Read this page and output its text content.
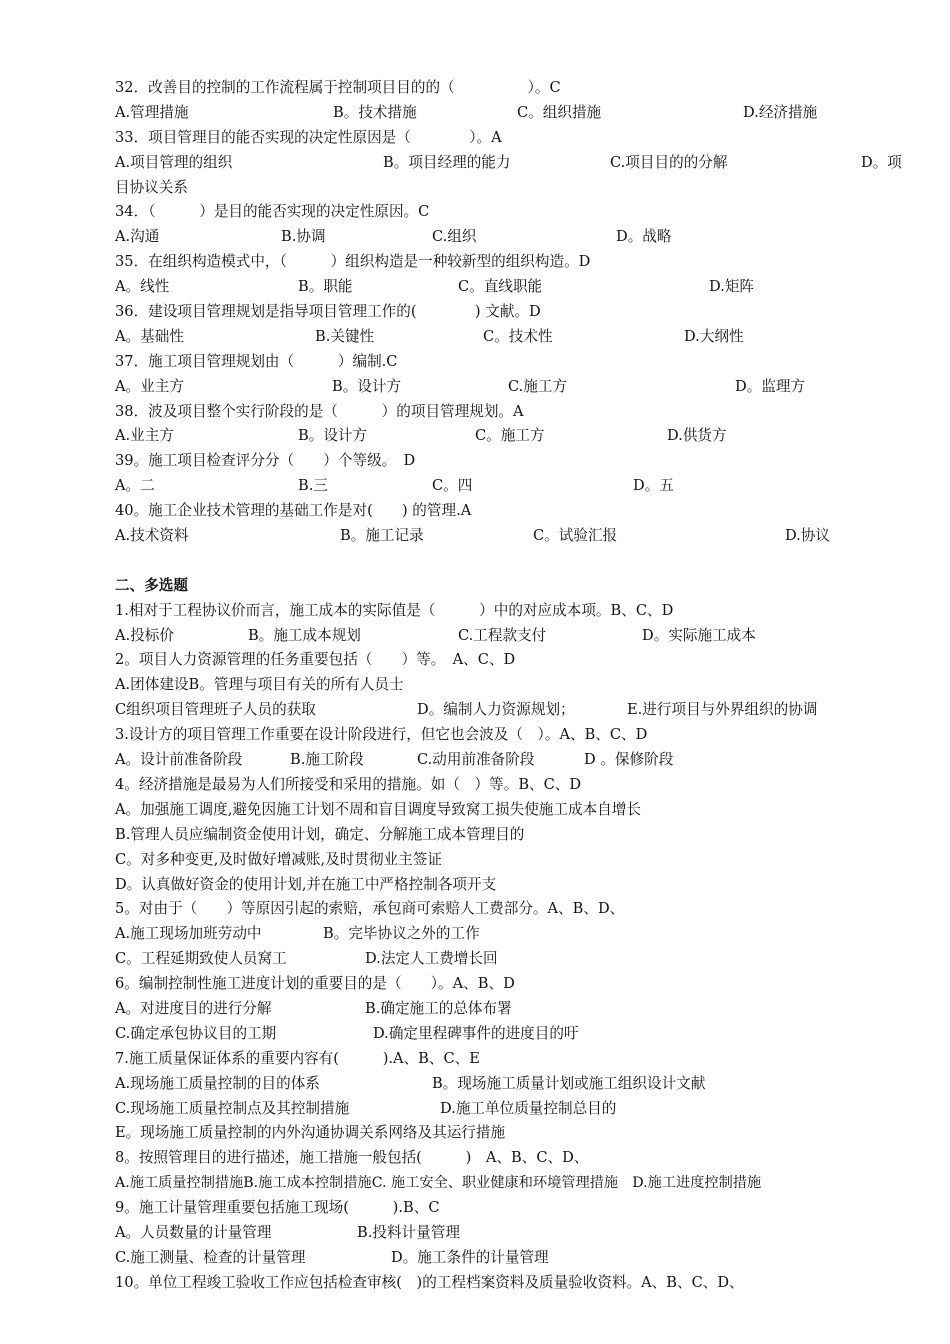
32．改善目的控制的工作流程属于控制项目目的的（　　　　　）。C
A.管理措施	B。技术措施	C。组织措施	D.经济措施
33．项目管理目的能否实现的决定性原因是（　　　　）。A
A.项目管理的组织	B。项目经理的能力	C.项目目的的分解	D。项
目协议关系
34．（　　　）是目的能否实现的决定性原因。C
A.沟通	B.协调	C.组织	D。战略
35．在组织构造模式中，（　　　）组织构造是一种较新型的组织构造。D
A。线性	B。职能	C。直线职能	D.矩阵
36．建设项目管理规划是指导项目管理工作的(　　　　) 文献。D
A。基础性	B.关键性	C。技术性	D.大纲性
37．施工项目管理规划由（　　　）编制.C
A。业主方	B。设计方	C.施工方	D。监理方
38．波及项目整个实行阶段的是（　　　）的项目管理规划。A
A.业主方	B。设计方	C。施工方	D.供货方
39。施工项目检查评分分（　　）个等级。　D
A。二	B.三	C。四	D。五
40。施工企业技术管理的基础工作是对(　　) 的管理.A
A.技术资料	B。施工记录	C。试验汇报	D.协议
二、多选题
1.相对于工程协议价而言，施工成本的实际值是（　　　）中的对应成本项。B、C、D
A.投标价	B。施工成本规划	C.工程款支付	D。实际施工成本
2。项目人力资源管理的任务重要包括（　　）等。　A、C、D
A.团体建设B。管理与项目有关的所有人员士
C组织项目管理班子人员的获取	D。编制人力资源规划；	E.进行项目与外界组织的协调
3.设计方的项目管理工作重要在设计阶段进行，但它也会波及（　）。A、B、C、D
A。设计前准备阶段	B.施工阶段	C.动用前准备阶段	D 。保修阶段
4。经济措施是最易为人们所接受和采用的措施。如（　）等。B、C、D
A。加强施工调度,避免因施工计划不周和盲目调度导致窝工损失使施工成本自增长
B.管理人员应编制资金使用计划，确定、分解施工成本管理目的
C。对多种变更,及时做好增减账,及时贯彻业主签证
D。认真做好资金的使用计划,并在施工中严格控制各项开支
5。对由于（　　）等原因引起的索赔，承包商可索赔人工费部分。A、B、D、
A.施工现场加班劳动中	B。完毕协议之外的工作
C。工程延期致使人员窝工	D.法定人工费增长回
6。编制控制性施工进度计划的重要目的是（　　）。A、B、D
A。对进度目的进行分解	B.确定施工的总体布署
C.确定承包协议目的工期	D.确定里程碑事件的进度目的吁
7.施工质量保证体系的重要内容有(　　　).A、B、C、E
A.现场施工质量控制的目的体系	B。现场施工质量计划或施工组织设计文献
C.现场施工质量控制点及其控制措施	D.施工单位质量控制总目的
E。现场施工质量控制的内外沟通协调关系网络及其运行措施
8。按照管理目的进行描述，施工措施一般包括(　　　)　A、B、C、D、
A.施工质量控制措施B.施工成本控制措施C. 施工安全、职业健康和环境管理措施　D.施工进度控制措施
9。施工计量管理重要包括施工现场(　　　).B、C
A。人员数量的计量管理	B.投料计量管理
C.施工测量、检查的计量管理	D。施工条件的计量管理
10。单位工程竣工验收工作应包括检查审核(　)的工程档案资料及质量验收资料。A、B、C、D、
